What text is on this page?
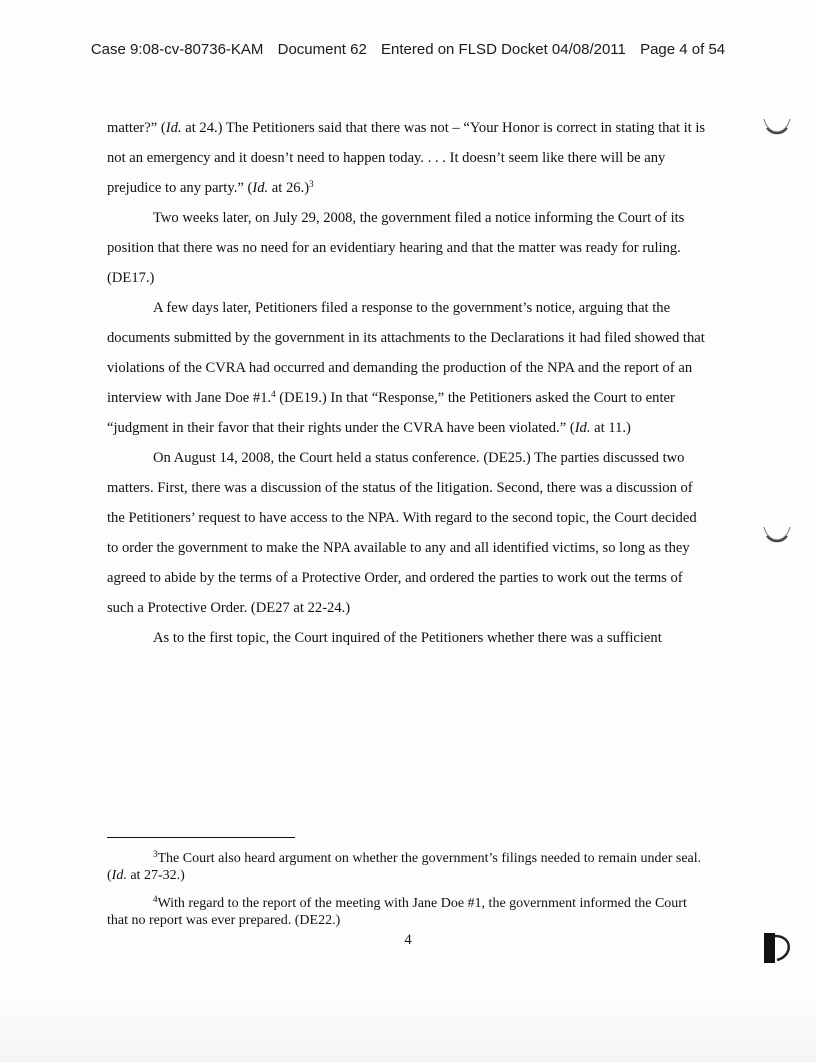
Case 9:08-cv-80736-KAM Document 62 Entered on FLSD Docket 04/08/2011 Page 4 of 54

matter?” (Id. at 24.) The Petitioners said that there was not – “Your Honor is correct in stating that it is not an emergency and it doesn’t need to happen today. . . . It doesn’t seem like there will be any prejudice to any party.” (Id. at 26.)$^3$

Two weeks later, on July 29, 2008, the government filed a notice informing the Court of its position that there was no need for an evidentiary hearing and that the matter was ready for ruling. (DE17.)

A few days later, Petitioners filed a response to the government’s notice, arguing that the documents submitted by the government in its attachments to the Declarations it had filed showed that violations of the CVRA had occurred and demanding the production of the NPA and the report of an interview with Jane Doe #1.$^4$ (DE19.) In that “Response,” the Petitioners asked the Court to enter “judgment in their favor that their rights under the CVRA have been violated.” (Id. at 11.)

On August 14, 2008, the Court held a status conference. (DE25.) The parties discussed two matters. First, there was a discussion of the status of the litigation. Second, there was a discussion of the Petitioners’ request to have access to the NPA. With regard to the second topic, the Court decided to order the government to make the NPA available to any and all identified victims, so long as they agreed to abide by the terms of a Protective Order, and ordered the parties to work out the terms of such a Protective Order. (DE27 at 22-24.)

As to the first topic, the Court inquired of the Petitioners whether there was a sufficient

$^3$The Court also heard argument on whether the government’s filings needed to remain under seal. (Id. at 27-32.)

$^4$With regard to the report of the meeting with Jane Doe #1, the government informed the Court that no report was ever prepared. (DE22.)

4
